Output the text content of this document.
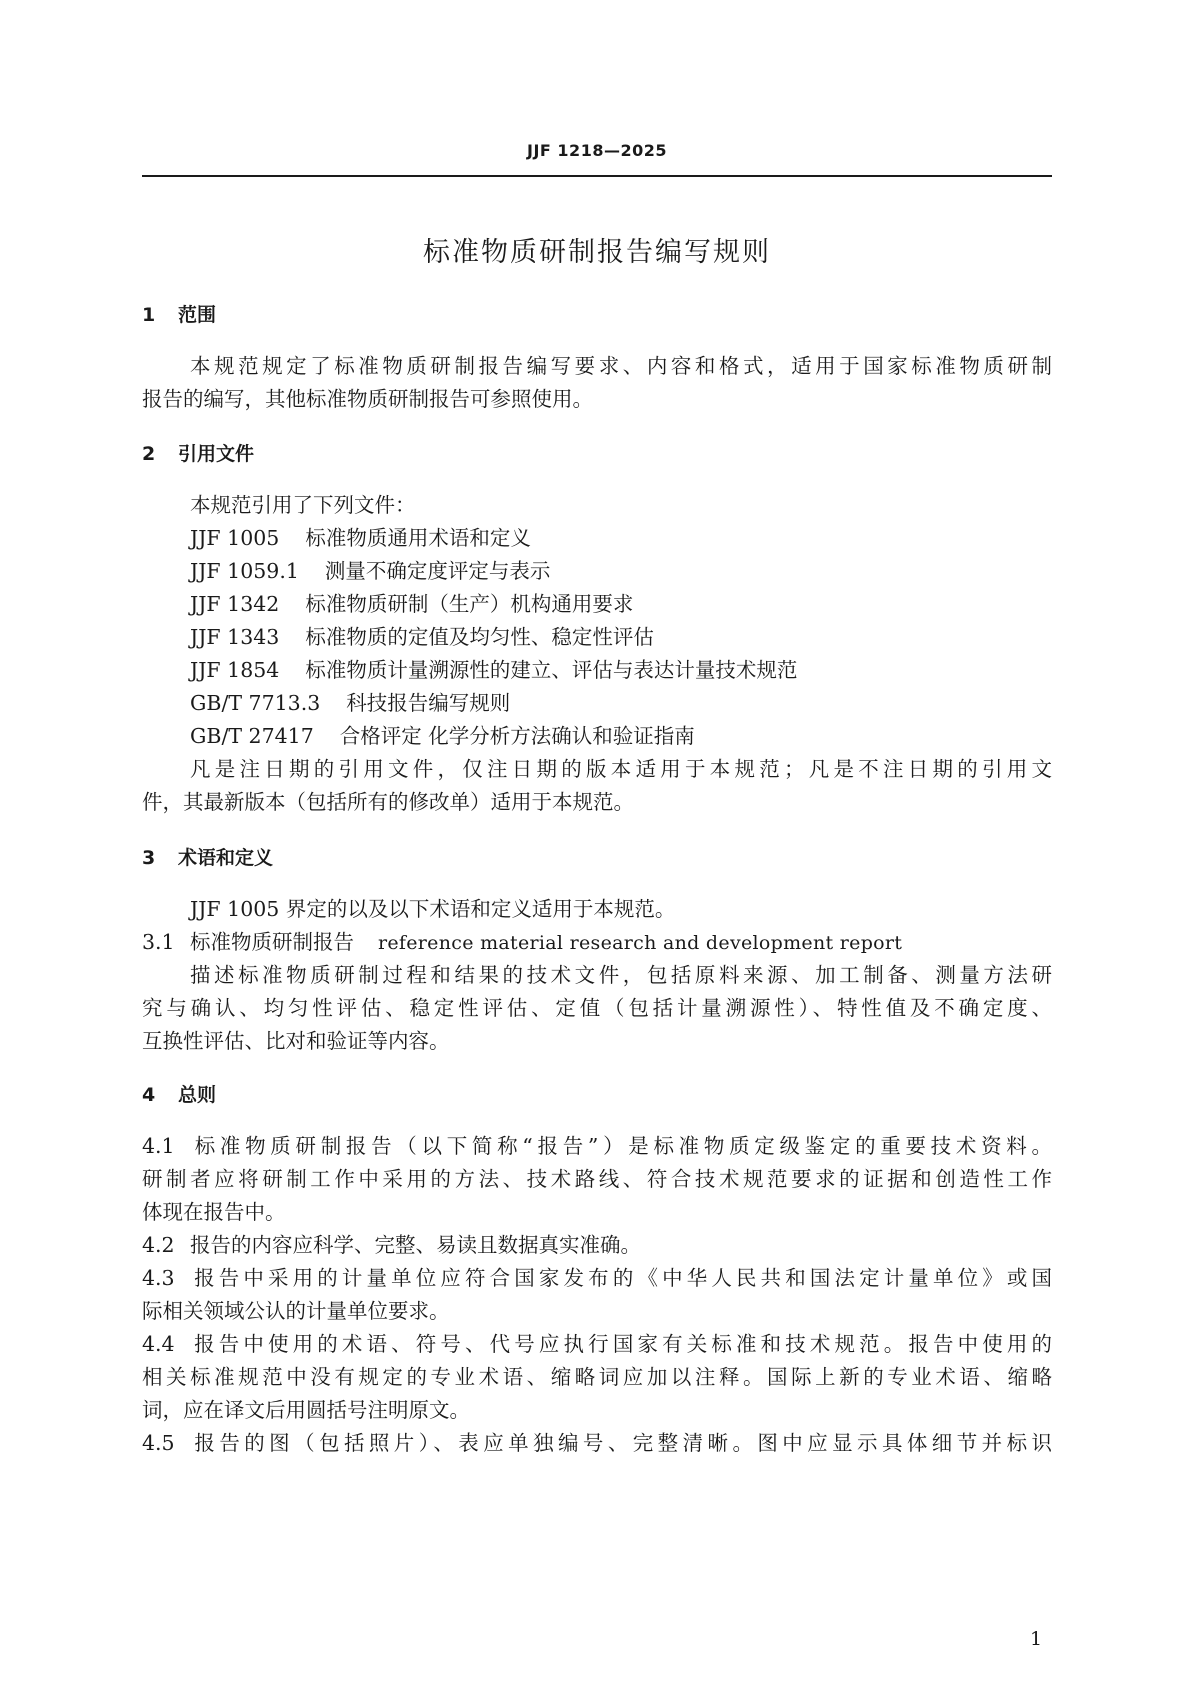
JJF 1218—2025
标准物质研制报告编写规则
1 范围
本规范规定了标准物质研制报告编写要求、内容和格式，适用于国家标准物质研制
报告的编写，其他标准物质研制报告可参照使用。
2 引用文件
本规范引用了下列文件：
JJF 1005 标准物质通用术语和定义
JJF 1059.1 测量不确定度评定与表示
JJF 1342 标准物质研制（生产）机构通用要求
JJF 1343 标准物质的定值及均匀性、稳定性评估
JJF 1854 标准物质计量溯源性的建立、评估与表达计量技术规范
GB/T 7713.3 科技报告编写规则
GB/T 27417 合格评定 化学分析方法确认和验证指南
凡是注日期的引用文件，仅注日期的版本适用于本规范；凡是不注日期的引用文
件，其最新版本（包括所有的修改单）适用于本规范。
3 术语和定义
JJF 1005 界定的以及以下术语和定义适用于本规范。
3.1 标准物质研制报告 reference material research and development report
描述标准物质研制过程和结果的技术文件，包括原料来源、加工制备、测量方法研
究与确认、均匀性评估、稳定性评估、定值（包括计量溯源性）、特性值及不确定度、
互换性评估、比对和验证等内容。
4 总则
4.1 标准物质研制报告（以下简称“报告”）是标准物质定级鉴定的重要技术资料。
研制者应将研制工作中采用的方法、技术路线、符合技术规范要求的证据和创造性工作
体现在报告中。
4.2 报告的内容应科学、完整、易读且数据真实准确。
4.3 报告中采用的计量单位应符合国家发布的《中华人民共和国法定计量单位》或国
际相关领域公认的计量单位要求。
4.4 报告中使用的术语、符号、代号应执行国家有关标准和技术规范。报告中使用的
相关标准规范中没有规定的专业术语、缩略词应加以注释。国际上新的专业术语、缩略
词，应在译文后用圆括号注明原文。
4.5 报告的图（包括照片）、表应单独编号、完整清晰。图中应显示具体细节并标识
1
